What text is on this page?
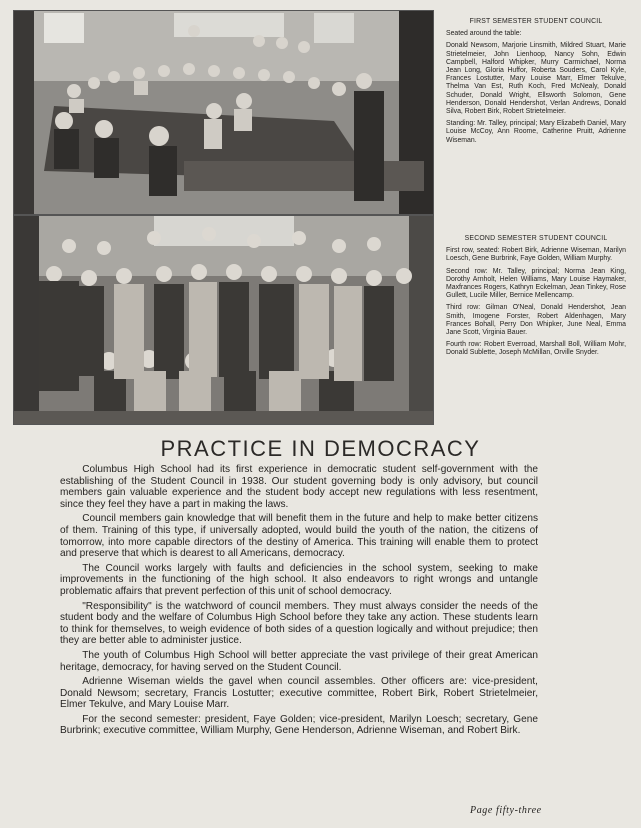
FIRST SEMESTER STUDENT COUNCIL

Seated around the table:

Donald Newsom, Marjorie Linsmith, Mildred Stuart, Marie Strietelmeier, John Lienhoop, Nancy Sohn, Edwin Campbell, Halford Whipker, Murry Carmichael, Norma Jean Long, Gloria Huffor, Roberta Souders, Carol Kyle, Frances Lostutter, Mary Louise Marr, Elmer Tekulve, Thelma Van Est, Ruth Koch, Fred McNealy, Donald Schuder, Donald Wright, Ellsworth Solomon, Gene Henderson, Donald Hendershot, Verlan Andrews, Donald Silva, Robert Birk, Robert Strietelmeier.

Standing: Mr. Talley, principal; Mary Elizabeth Daniel, Mary Louise McCoy, Ann Roome, Catherine Pruitt, Adrienne Wiseman.

SECOND SEMESTER STUDENT COUNCIL

First row, seated: Robert Birk, Adrienne Wiseman, Marilyn Loesch, Gene Burbrink, Faye Golden, William Murphy.

Second row: Mr. Talley, principal; Norma Jean King, Dorothy Arnholt, Helen Williams, Mary Louise Haymaker, Maxfrances Rogers, Kathryn Eckelman, Jean Tinkey, Rose Gullett, Lucile Miller, Bernice Mellencamp.

Third row: Gilman O'Neal, Donald Hendershot, Jean Smith, Imogene Forster, Robert Aldenhagen, Mary Frances Bohall, Perry Don Whipker, June Neal, Emma Jane Scott, Virginia Bauer.

Fourth row: Robert Everroad, Marshall Boll, William Mohr, Donald Sublette, Joseph McMillan, Orville Snyder.

PRACTICE IN DEMOCRACY

Columbus High School had its first experience in democratic student self-government with the establishing of the Student Council in 1938. Our student governing body is only advisory, but council members gain valuable experience and the student body accept new regulations with less resentment, since they feel they have a part in making the laws.

Council members gain knowledge that will benefit them in the future and help to make better citizens of them. Training of this type, if universally adopted, would build the youth of the nation, the citizens of tomorrow, into more capable directors of the destiny of America. This training will enable them to protect and preserve that which is dearest to all Americans, democracy.

The Council works largely with faults and deficiencies in the school system, seeking to make improvements in the functioning of the high school. It also endeavors to right wrongs and untangle problematic affairs that prevent perfection of this unit of school democracy.

"Responsibility" is the watchword of council members. They must always consider the needs of the student body and the welfare of Columbus High School before they take any action. These students learn to think for themselves, to weigh evidence of both sides of a question logically and without prejudice; then they are better able to administer justice.

The youth of Columbus High School will better appreciate the vast privilege of their great American heritage, democracy, for having served on the Student Council.

Adrienne Wiseman wields the gavel when council assembles. Other officers are: vice-president, Donald Newsom; secretary, Francis Lostutter; executive committee, Robert Birk, Robert Strietelmeier, Elmer Tekulve, and Mary Louise Marr.

For the second semester: president, Faye Golden; vice-president, Marilyn Loesch; secretary, Gene Burbrink; executive committee, William Murphy, Gene Henderson, Adrienne Wiseman, and Robert Birk.

Page fifty-three
